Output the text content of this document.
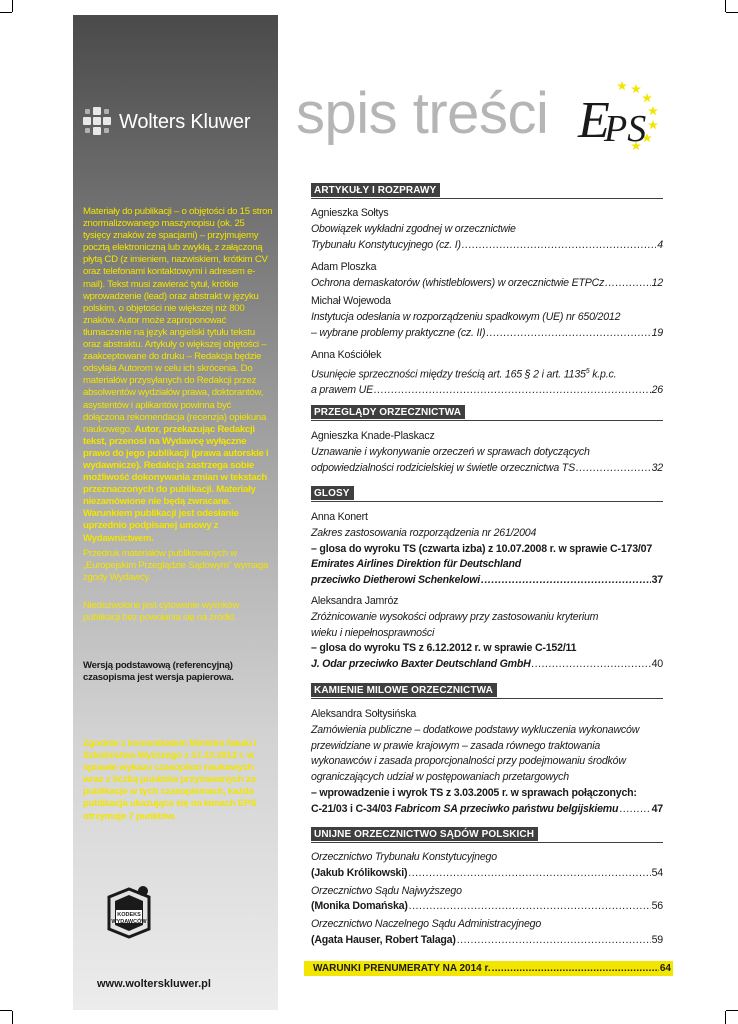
Wolters Kluwer
Materiały do publikacji – o objętości do 15 stron znormalizowanego maszynopisu (ok. 25 tysięcy znaków ze spacjami) – przyjmujemy pocztą elektroniczną lub zwykłą, z załączoną płytą CD (z imieniem, nazwiskiem, krótkim CV oraz telefonami kontaktowymi i adresem e-mail). Tekst musi zawierać tytuł, krótkie wprowadzenie (lead) oraz abstrakt w języku polskim, o objętości nie większej niż 800 znaków. Autor może zaproponować tłumaczenie na język angielski tytułu tekstu oraz abstraktu. Artykuły o większej objętości – zaakceptowane do druku – Redakcja będzie odsyłała Autorom w celu ich skrócenia. Do materiałów przysyłanych do Redakcji przez absolwentów wydziałów prawa, doktorantów, asystentów i aplikantów powinna być dołączona rekomendacja (recenzja) opiekuna naukowego. Autor, przekazując Redakcji tekst, przenosi na Wydawcę wyłączne prawo do jego publikacji (prawa autorskie i wydawnicze). Redakcja zastrzega sobie możliwość dokonywania zmian w tekstach przeznaczonych do publikacji. Materiały niezamówione nie będą zwracane. Warunkiem publikacji jest odesłanie uprzednio podpisanej umowy z Wydawnictwem.
Przedruk materiałów publikowanych w „Europejskim Przeglądzie Sądowym” wymaga zgody Wydawcy.
Niedozwolone jest cytowanie wyimków publikacji bez powołania się na źródło.
Wersją podstawową (referencyjną) czasopisma jest wersja papierowa.
Zgodnie z komunikatem Ministra Nauki i Szkolnictwa Wyższego z 17.12.2013 r. w sprawie wykazu czasopism naukowych wraz z liczbą punktów przynawanych za publikacje w tych czasopismach, każda publikacja ukazująca się na łamach EPS otrzymuje 7 punktów.
KODEKS WYDAWCÓW
www.wolterskluwer.pl
spis treści E
PS
ARTYKUŁY I ROZPRAWY
Agnieszka Sołtys
Obowiązek wykładni zgodnej w orzecznictwie
Trybunału Konstytucyjnego (cz. I) .....	4
Adam Ploszka
Ochrona demaskatorów (whistleblowers) w orzecznictwie ETPCz .....	12
Michał Wojewoda
Instytucja odesłania w rozporządzeniu spadkowym (UE) nr 650/2012
– wybrane problemy praktyczne (cz. II) .....	19
Anna Kościółek
Usunięcie sprzeczności między treścią art. 165 § 2 i art. 1135$^5$ k.p.c.
a prawem UE .....	26
PRZEGLĄDY ORZECZNICTWA
Agnieszka Knade-Plaskacz
Uznawanie i wykonywanie orzeczeń w sprawach dotyczących
odpowiedzialności rodzicielskiej w świetle orzecznictwa TS .....	32
GLOSY
Anna Konert
Zakres zastosowania rozporządzenia nr 261/2004
– glosa do wyroku TS (czwarta izba) z 10.07.2008 r. w sprawie C-173/07
Emirates Airlines Direktion für Deutschland
przeciwko Dietherowi Schenkelowi .....	37
Aleksandra Jamróz
Zróżnicowanie wysokości odprawy przy zastosowaniu kryterium
wieku i niepełnosprawności
– glosa do wyroku TS z 6.12.2012 r. w sprawie C-152/11
J. Odar przeciwko Baxter Deutschland GmbH .....	40
KAMIENIE MILOWE ORZECZNICTWA
Aleksandra Sołtysińska
Zamówienia publiczne – dodatkowe podstawy wykluczenia wykonawców
przewidziane w prawie krajowym – zasada równego traktowania
wykonawców i zasada proporcjonalności przy podejmowaniu środków
ograniczających udział w postępowaniach przetargowych
– wprowadzenie i wyrok TS z 3.03.2005 r. w sprawach połączonych:
C-21/03 i C-34/03 Fabricom SA przeciwko państwu belgijskiemu .....	47
UNIJNE ORZECZNICTWO SĄDÓW POLSKICH
Orzecznictwo Trybunału Konstytucyjnego
(Jakub Królikowski) .....	54
Orzecznictwo Sądu Najwyższego
(Monika Domańska) .....	56
Orzecznictwo Naczelnego Sądu Administracyjnego
(Agata Hauser, Robert Talaga) .....	59
WARUNKI PRENUMERATY NA 2014 r. .....	64
